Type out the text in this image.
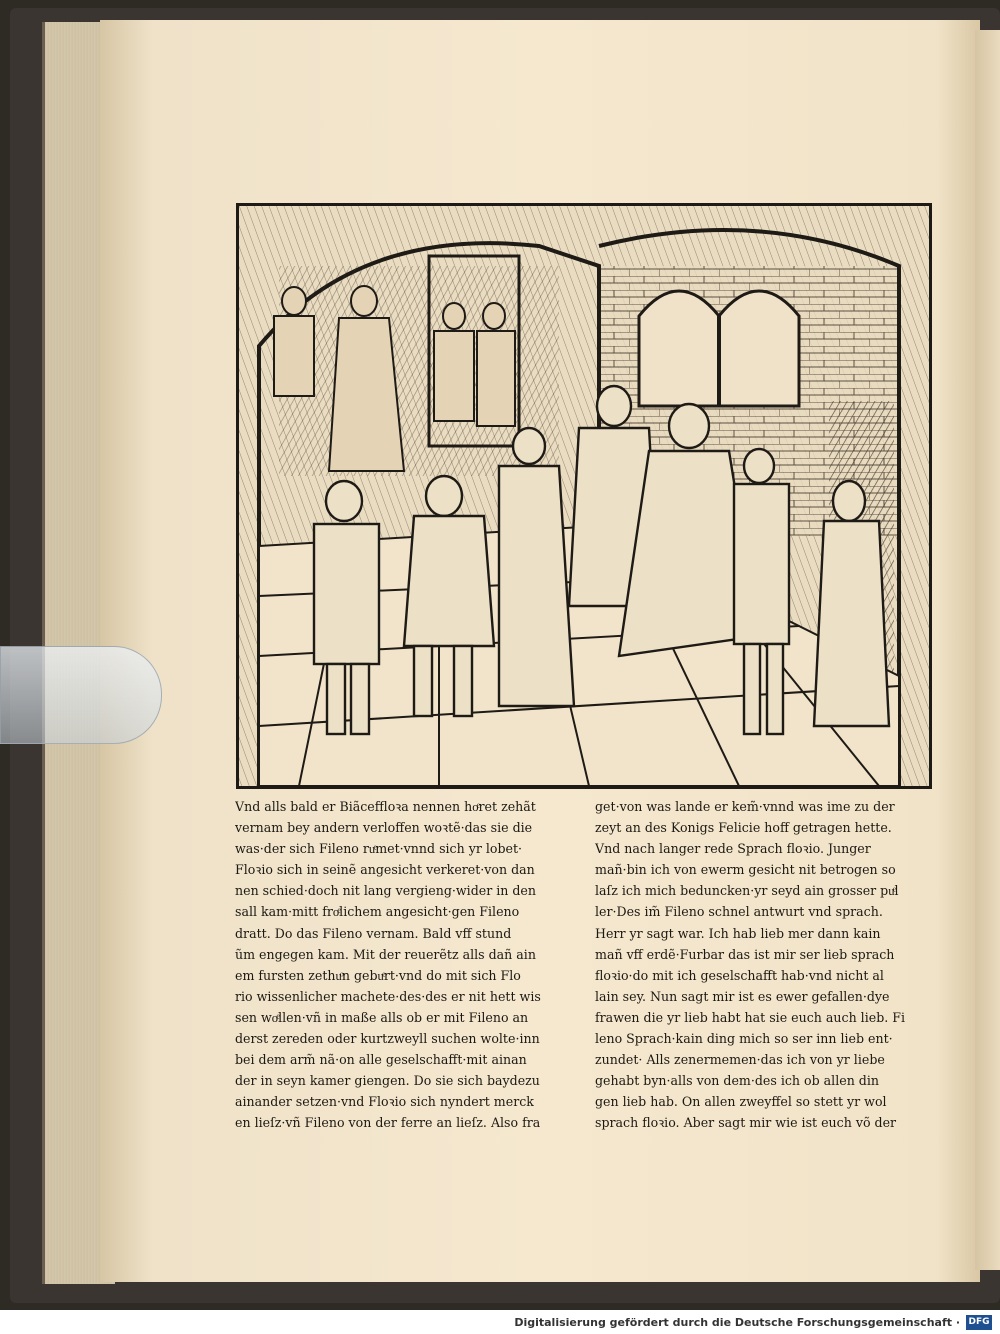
Vnd alls bald er Biãceffloꝛa nennen hoͤret zehãt
vernam bey andern verloffen woꝛtẽ·das sie die
was·der sich Fileno ruͤmet·vnnd sich yr lobet·
Floꝛio sich in seinẽ angesicht verkeret·von dan
nen schied·doch nit lang vergieng·wider in den
sall kam·mitt froͤlichem angesicht·gen Fileno
dratt. Do das Fileno vernam. Bald vff stund
ũm engegen kam. Mit der reuerẽtz alls dañ ain
em fursten zethuͦn gebuͤrt·vnd do mit sich Flo
rio wissenlicher machete·des·des er nit hett wis
sen woͤllen·vñ in maße alls ob er mit Fileno an
derst zereden oder kurtzweyll suchen wolte·inn
bei dem arm̃ nã·on alle geselschafft·mit ainan
der in seyn kamer giengen. Do sie sich baydezu
ainander setzen·vnd Floꝛio sich nyndert merck
en lieſz·vñ Fileno von der ferre an lieſz. Also fra
get·von was lande er kem̃·vnnd was ime zu der
zeyt an des Konigs Felicie hoff getragen hette.
Vnd nach langer rede Sprach floꝛio. Junger
mañ·bin ich von ewerm gesicht nit betrogen so
laſz ich mich beduncken·yr seyd ain grosser puͤl
ler·Des im̃ Fileno schnel antwurt vnd sprach.
Herr yr sagt war. Ich hab lieb mer dann kain
mañ vff erdẽ·Furbar das ist mir ser lieb sprach
floꝛio·do mit ich geselschafft hab·vnd nicht al
lain sey. Nun sagt mir ist es ewer gefallen·dye
frawen die yr lieb habt hat sie euch auch lieb. Fi
leno Sprach·kain ding mich so ser inn lieb ent·
zundet· Alls zenermemen·das ich von yr liebe
gehabt byn·alls von dem·des ich ob allen din
gen lieb hab. On allen zweyffel so stett yr wol
sprach floꝛio. Aber sagt mir wie ist euch võ der
Digitalisierung gefördert durch die Deutsche Forschungsgemeinschaft · DFG
